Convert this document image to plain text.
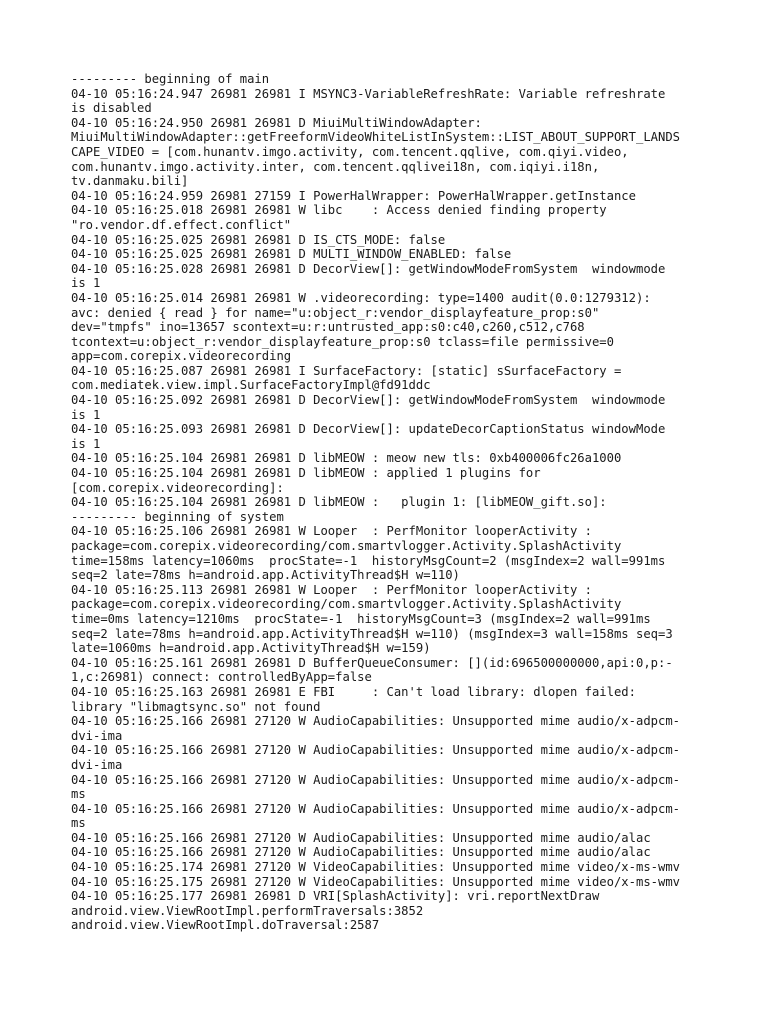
--------- beginning of main
04-10 05:16:24.947 26981 26981 I MSYNC3-VariableRefreshRate: Variable refreshrate
is disabled
04-10 05:16:24.950 26981 26981 D MiuiMultiWindowAdapter:
MiuiMultiWindowAdapter::getFreeformVideoWhiteListInSystem::LIST_ABOUT_SUPPORT_LANDS
CAPE_VIDEO = [com.hunantv.imgo.activity, com.tencent.qqlive, com.qiyi.video,
com.hunantv.imgo.activity.inter, com.tencent.qqlivei18n, com.iqiyi.i18n,
tv.danmaku.bili]
04-10 05:16:24.959 26981 27159 I PowerHalWrapper: PowerHalWrapper.getInstance
04-10 05:16:25.018 26981 26981 W libc    : Access denied finding property
"ro.vendor.df.effect.conflict"
04-10 05:16:25.025 26981 26981 D IS_CTS_MODE: false
04-10 05:16:25.025 26981 26981 D MULTI_WINDOW_ENABLED: false
04-10 05:16:25.028 26981 26981 D DecorView[]: getWindowModeFromSystem  windowmode
is 1
04-10 05:16:25.014 26981 26981 W .videorecording: type=1400 audit(0.0:1279312):
avc: denied { read } for name="u:object_r:vendor_displayfeature_prop:s0"
dev="tmpfs" ino=13657 scontext=u:r:untrusted_app:s0:c40,c260,c512,c768
tcontext=u:object_r:vendor_displayfeature_prop:s0 tclass=file permissive=0
app=com.corepix.videorecording
04-10 05:16:25.087 26981 26981 I SurfaceFactory: [static] sSurfaceFactory =
com.mediatek.view.impl.SurfaceFactoryImpl@fd91ddc
04-10 05:16:25.092 26981 26981 D DecorView[]: getWindowModeFromSystem  windowmode
is 1
04-10 05:16:25.093 26981 26981 D DecorView[]: updateDecorCaptionStatus windowMode
is 1
04-10 05:16:25.104 26981 26981 D libMEOW : meow new tls: 0xb400006fc26a1000
04-10 05:16:25.104 26981 26981 D libMEOW : applied 1 plugins for
[com.corepix.videorecording]:
04-10 05:16:25.104 26981 26981 D libMEOW :   plugin 1: [libMEOW_gift.so]:
--------- beginning of system
04-10 05:16:25.106 26981 26981 W Looper  : PerfMonitor looperActivity :
package=com.corepix.videorecording/com.smartvlogger.Activity.SplashActivity
time=158ms latency=1060ms  procState=-1  historyMsgCount=2 (msgIndex=2 wall=991ms
seq=2 late=78ms h=android.app.ActivityThread$H w=110)
04-10 05:16:25.113 26981 26981 W Looper  : PerfMonitor looperActivity :
package=com.corepix.videorecording/com.smartvlogger.Activity.SplashActivity
time=0ms latency=1210ms  procState=-1  historyMsgCount=3 (msgIndex=2 wall=991ms
seq=2 late=78ms h=android.app.ActivityThread$H w=110) (msgIndex=3 wall=158ms seq=3
late=1060ms h=android.app.ActivityThread$H w=159)
04-10 05:16:25.161 26981 26981 D BufferQueueConsumer: [](id:696500000000,api:0,p:-
1,c:26981) connect: controlledByApp=false
04-10 05:16:25.163 26981 26981 E FBI     : Can't load library: dlopen failed:
library "libmagtsync.so" not found
04-10 05:16:25.166 26981 27120 W AudioCapabilities: Unsupported mime audio/x-adpcm-
dvi-ima
04-10 05:16:25.166 26981 27120 W AudioCapabilities: Unsupported mime audio/x-adpcm-
dvi-ima
04-10 05:16:25.166 26981 27120 W AudioCapabilities: Unsupported mime audio/x-adpcm-
ms
04-10 05:16:25.166 26981 27120 W AudioCapabilities: Unsupported mime audio/x-adpcm-
ms
04-10 05:16:25.166 26981 27120 W AudioCapabilities: Unsupported mime audio/alac
04-10 05:16:25.166 26981 27120 W AudioCapabilities: Unsupported mime audio/alac
04-10 05:16:25.174 26981 27120 W VideoCapabilities: Unsupported mime video/x-ms-wmv
04-10 05:16:25.175 26981 27120 W VideoCapabilities: Unsupported mime video/x-ms-wmv
04-10 05:16:25.177 26981 26981 D VRI[SplashActivity]: vri.reportNextDraw
android.view.ViewRootImpl.performTraversals:3852
android.view.ViewRootImpl.doTraversal:2587
